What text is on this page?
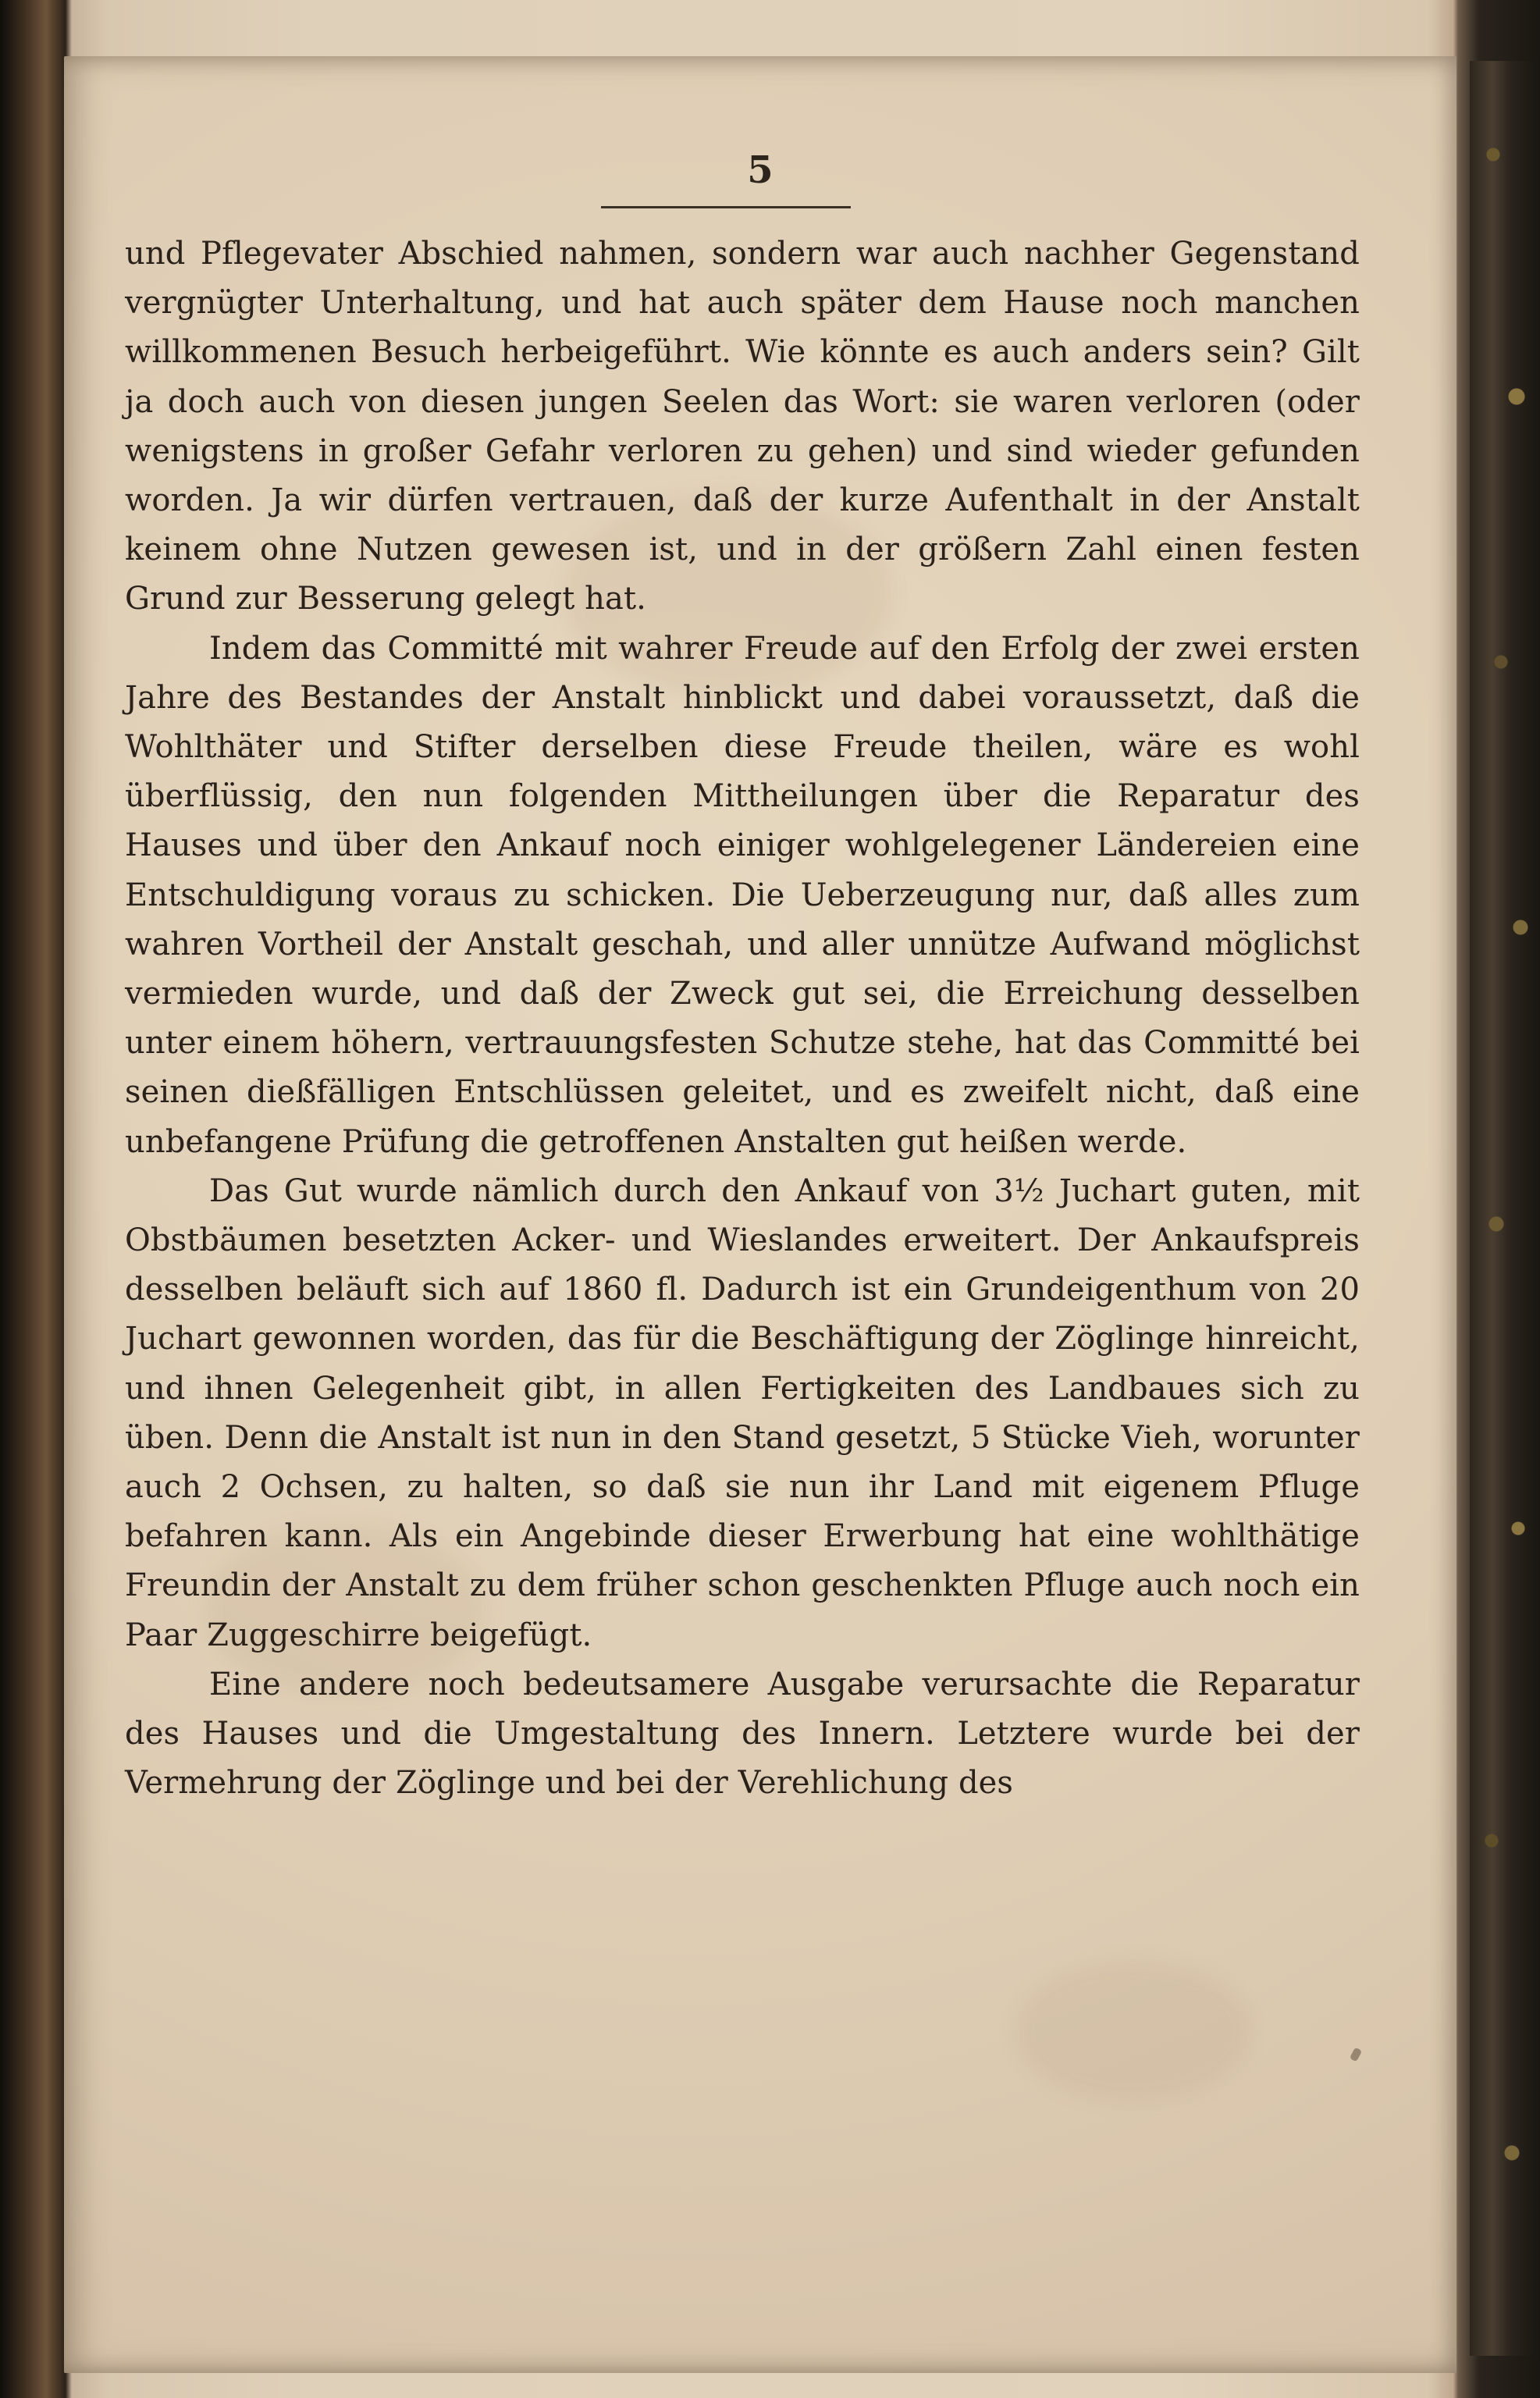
5

und Pflegevater Abschied nahmen, sondern war auch nachher Gegenstand vergnügter Unterhaltung, und hat auch später dem Hause noch manchen willkommenen Besuch herbeigeführt. Wie könnte es auch anders sein? Gilt ja doch auch von diesen jungen Seelen das Wort: sie waren verloren (oder wenigstens in großer Gefahr verloren zu gehen) und sind wieder gefunden worden. Ja wir dürfen vertrauen, daß der kurze Aufenthalt in der Anstalt keinem ohne Nutzen gewesen ist, und in der größern Zahl einen festen Grund zur Besserung gelegt hat.

Indem das Committé mit wahrer Freude auf den Erfolg der zwei ersten Jahre des Bestandes der Anstalt hinblickt und dabei voraussetzt, daß die Wohlthäter und Stifter derselben diese Freude theilen, wäre es wohl überflüssig, den nun folgenden Mittheilungen über die Reparatur des Hauses und über den Ankauf noch einiger wohlgelegener Ländereien eine Entschuldigung voraus zu schicken. Die Ueberzeugung nur, daß alles zum wahren Vortheil der Anstalt geschah, und aller unnütze Aufwand möglichst vermieden wurde, und daß der Zweck gut sei, die Erreichung desselben unter einem höhern, vertrauungsfesten Schutze stehe, hat das Committé bei seinen dießfälligen Entschlüssen geleitet, und es zweifelt nicht, daß eine unbefangene Prüfung die getroffenen Anstalten gut heißen werde.

Das Gut wurde nämlich durch den Ankauf von 3½ Juchart guten, mit Obstbäumen besetzten Acker- und Wieslandes erweitert. Der Ankaufspreis desselben beläuft sich auf 1860 fl. Dadurch ist ein Grundeigenthum von 20 Juchart gewonnen worden, das für die Beschäftigung der Zöglinge hinreicht, und ihnen Gelegenheit gibt, in allen Fertigkeiten des Landbaues sich zu üben. Denn die Anstalt ist nun in den Stand gesetzt, 5 Stücke Vieh, worunter auch 2 Ochsen, zu halten, so daß sie nun ihr Land mit eigenem Pfluge befahren kann. Als ein Angebinde dieser Erwerbung hat eine wohlthätige Freundin der Anstalt zu dem früher schon geschenkten Pfluge auch noch ein Paar Zuggeschirre beigefügt.

Eine andere noch bedeutsamere Ausgabe verursachte die Reparatur des Hauses und die Umgestaltung des Innern. Letztere wurde bei der Vermehrung der Zöglinge und bei der Verehlichung des
